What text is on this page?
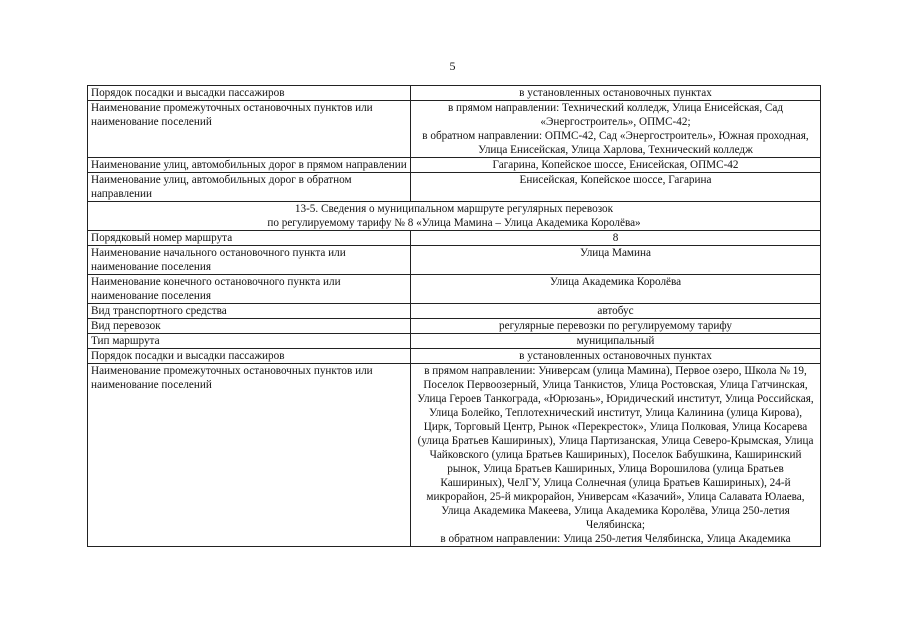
5
Порядок посадки и высадки пассажиров	в установленных остановочных пунктах

Наименование промежуточных остановочных пунктов или наименование поселений	в прямом направлении: Технический колледж, Улица Енисейская, Сад «Энергостроитель», ОПМС-42;
в обратном направлении: ОПМС-42, Сад «Энергостроитель», Южная проходная, Улица Енисейская, Улица Харлова, Технический колледж

Наименование улиц, автомобильных дорог в прямом направлении	Гагарина, Копейское шоссе, Енисейская, ОПМС-42

Наименование улиц, автомобильных дорог в обратном направлении	Енисейская, Копейское шоссе, Гагарина

13-5. Сведения о муниципальном маршруте регулярных перевозок
по регулируемому тарифу № 8 «Улица Мамина – Улица Академика Королёва»	

Порядковый номер маршрута	8

Наименование начального остановочного пункта или наименование поселения	Улица Мамина

Наименование конечного остановочного пункта или наименование поселения	Улица Академика Королёва

Вид транспортного средства	автобус

Вид перевозок	регулярные перевозки по регулируемому тарифу

Тип маршрута	муниципальный

Порядок посадки и высадки пассажиров	в установленных остановочных пунктах

Наименование промежуточных остановочных пунктов или наименование поселений	в прямом направлении: Универсам (улица Мамина), Первое озеро, Школа № 19, Поселок Первоозерный, Улица Танкистов, Улица Ростовская, Улица Гатчинская, Улица Героев Танкограда, «Юрюзань», Юридический институт, Улица Российская, Улица Болейко, Теплотехнический институт, Улица Калинина (улица Кирова), Цирк, Торговый Центр, Рынок «Перекресток», Улица Полковая, Улица Косарева (улица Братьев Кашириных), Улица Партизанская, Улица Северо-Крымская, Улица Чайковского (улица Братьев Кашириных), Поселок Бабушкина, Каширинский рынок, Улица Братьев Кашириных, Улица Ворошилова (улица Братьев Кашириных), ЧелГУ, Улица Солнечная (улица Братьев Кашириных), 24-й микрорайон, 25-й микрорайон, Универсам «Казачий», Улица Салавата Юлаева, Улица Академика Макеева, Улица Академика Королёва, Улица 250-летия Челябинска;
в обратном направлении: Улица 250-летия Челябинска, Улица Академика
